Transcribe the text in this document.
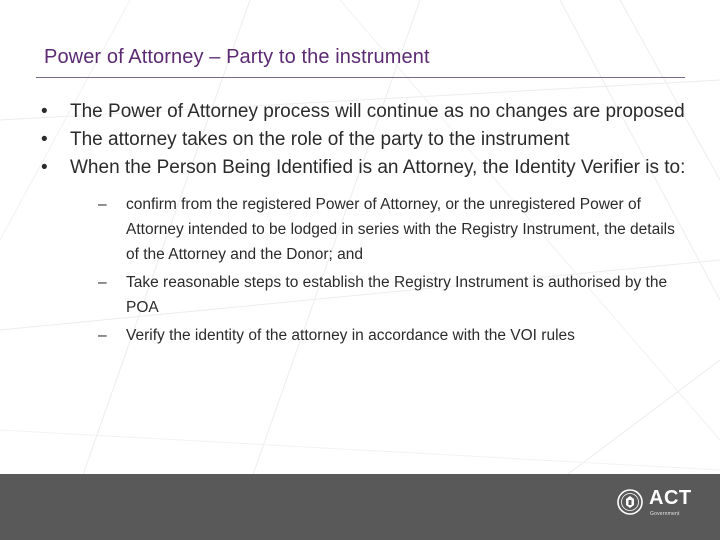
Power of Attorney – Party to the instrument
• The Power of Attorney process will continue as no changes are proposed
• The attorney takes on the role of the party to the instrument
• When the Person Being Identified is an Attorney, the Identity Verifier is to:
– confirm from the registered Power of Attorney, or the unregistered Power of Attorney intended to be lodged in series with the Registry Instrument, the details of the Attorney and the Donor; and
– Take reasonable steps to establish the Registry Instrument is authorised by the POA
– Verify the identity of the attorney in accordance with the VOI rules
ACT
Government
